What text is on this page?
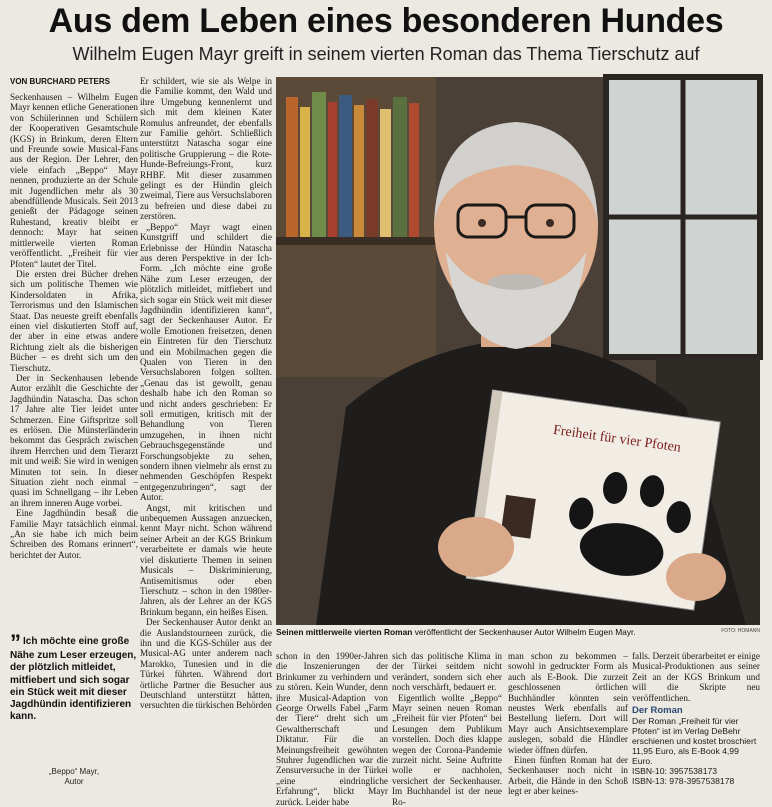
Aus dem Leben eines besonderen Hundes
Wilhelm Eugen Mayr greift in seinem vierten Roman das Thema Tierschutz auf
VON BURCHARD PETERS

Seckenhausen – Wilhelm Eugen Mayr kennen etliche Generationen von Schülerinnen und Schülern der Kooperativen Gesamtschule (KGS) in Brinkum, deren Eltern und Freunde sowie Musical-Fans aus der Region. Der Lehrer, den viele einfach „Beppo“ Mayr nennen, produzierte an der Schule mit Jugendlichen mehr als 30 abendfüllende Musicals. Seit 2013 genießt der Pädagoge seinen Ruhestand, kreativ bleibt er dennoch: Mayr hat seinen mittlerweile vierten Roman veröffentlicht. „Freiheit für vier Pfoten“ lautet der Titel.

Die ersten drei Bücher drehen sich um politische Themen wie Kindersoldaten in Afrika, Terrorismus und den Islamischen Staat. Das neueste greift ebenfalls einen viel diskutierten Stoff auf, der aber in eine etwas andere Richtung zielt als die bisherigen Bücher – es dreht sich um den Tierschutz.

Der in Seckenhausen lebende Autor erzählt die Geschichte der Jagdhündin Natascha. Das schon 17 Jahre alte Tier leidet unter Schmerzen. Eine Giftspritze soll es erlösen. Die Münsterländerin bekommt das Gespräch zwischen ihrem Herrchen und dem Tierarzt mit und weiß: Sie wird in wenigen Minuten tot sein. In dieser Situation zieht noch einmal – quasi im Schnellgang – ihr Leben an ihrem inneren Auge vorbei.

Eine Jagdhündin besaß die Familie Mayr tatsächlich einmal. „An sie habe ich mich beim Schreiben des Romans erinnert“, berichtet der Autor.

Er schildert, wie sie als Welpe in die Familie kommt, den Wald und ihre Umgebung kennenlernt und sich mit dem kleinen Kater Romulus anfreundet, der ebenfalls zur Familie gehört. Schließlich unterstützt Natascha sogar eine politische Gruppierung – die Rote-Hunde-Befreiungs-Front, kurz RHBF. Mit dieser zusammen gelingt es der Hündin gleich zweimal, Tiere aus Versuchslaboren zu befreien und diese dabei zu zerstören.

„Beppo“ Mayr wagt einen Kunstgriff und schildert die Erlebnisse der Hündin Natascha aus deren Perspektive in der Ich-Form. „Ich möchte eine große Nähe zum Leser erzeugen, der plötzlich mitleidet, mitfiebert und sich sogar ein Stück weit mit dieser Jagdhündin identifizieren kann“, sagt der Seckenhauser Autor. Er wolle Emotionen freisetzen, denen ein Eintreten für den Tierschutz und ein Mobilmachen gegen die Qualen von Tieren in den Versuchslaboren folgen sollten. „Genau das ist gewollt, genau deshalb habe ich den Roman so und nicht anders geschrieben: Er soll ermutigen, kritisch mit der Behandlung von Tieren umzugehen, in ihnen nicht Gebrauchsgegenstände und Forschungsobjekte zu sehen, sondern ihnen vielmehr als ernst zu nehmenden Geschöpfen Respekt entgegenzubringen“, sagt der Autor.

Angst, mit kritischen und unbequemen Aussagen anzuecken, kennt Mayr nicht. Schon während seiner Arbeit an der KGS Brinkum verarbeitete er damals wie heute viel diskutierte Themen in seinen Musicals – Diskriminierung, Antisemitismus oder eben Tierschutz – schon in den 1980er-Jahren, als der Lehrer an der KGS Brinkum begann, ein heißes Eisen.

Der Seckenhauser Autor denkt an die Auslandstourneen zurück, die ihn und die KGS-Schüler aus der Musical-AG unter anderem nach Marokko, Tunesien und in die Türkei führten. Während dort örtliche Partner die Besucher aus Deutschland unterstützt hätten, versuchten die türkischen Behörden

Freiheit für vier Pfoten
Seinen mittlerweile vierten Roman veröffentlicht der Seckenhauser Autor Wilhelm Eugen Mayr.	FOTO: HOMANN
” Ich möchte eine große Nähe zum Leser erzeugen, der plötzlich mitleidet, mitfiebert und sich sogar ein Stück weit mit dieser Jagdhündin identifizieren kann.
„Beppo“ Mayr,
Autor

schon in den 1990er-Jahren die Inszenierungen der Brinkumer zu verhindern und zu stören. Kein Wunder, denn ihre Musical-Adaption von George Orwells Fabel „Farm der Tiere“ dreht sich um Gewaltherrschaft und Diktatur. Für die an Meinungsfreiheit gewöhnten Stuhrer Jugendlichen war die Zensurversuche in der Türkei „eine eindringliche Erfahrung“, blickt Mayr zurück. Leider habe

sich das politische Klima in der Türkei seitdem nicht verändert, sondern sich eher noch verschärft, bedauert er.

Eigentlich wollte „Beppo“ Mayr seinen neuen Roman „Freiheit für vier Pfoten“ bei Lesungen dem Publikum vorstellen. Doch dies klappe wegen der Corona-Pandemie zurzeit nicht. Seine Auftritte wolle er nachholen, versichert der Seckenhauser. Im Buchhandel ist der neue Ro-

man schon zu bekommen – sowohl in gedruckter Form als auch als E-Book. Die zurzeit geschlossenen örtlichen Buchhändler könnten sein neustes Werk ebenfalls auf Bestellung liefern. Dort will Mayr auch Ansichtsexemplare auslegen, sobald die Händler wieder öffnen dürfen.

Einen fünften Roman hat der Seckenhauser noch nicht in Arbeit, die Hände in den Schoß legt er aber keines-

falls. Derzeit überarbeitet er einige Musical-Produktionen aus seiner Zeit an der KGS Brinkum und will die Skripte neu veröffentlichen.

Der Roman
Der Roman „Freiheit für vier Pfoten“ ist im Verlag DeBehr erschienen und kostet broschiert 11,95 Euro, als E-Book 4,99 Euro.
ISBN-10: 3957538173
ISBN-13: 978-3957538178
